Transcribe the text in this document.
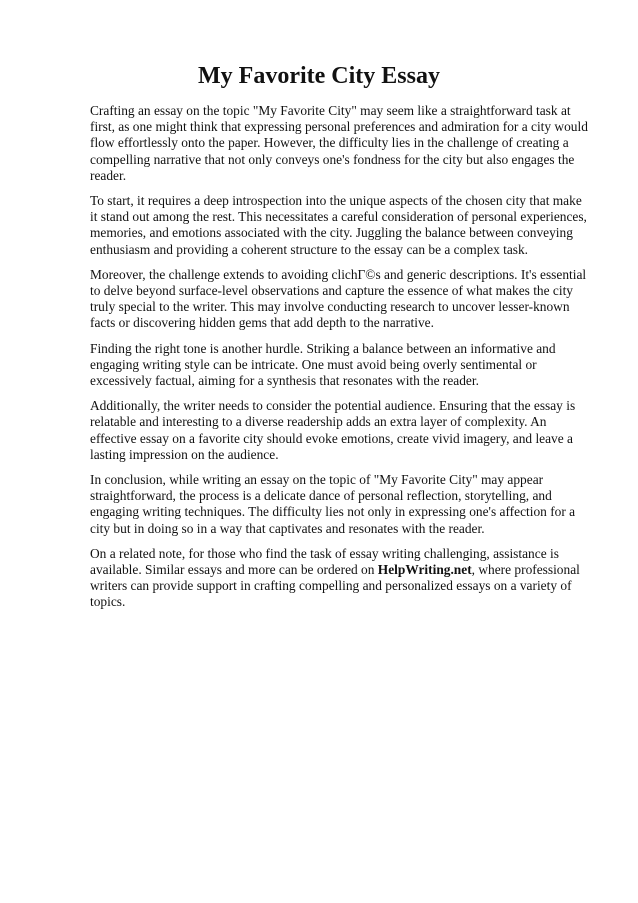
My Favorite City Essay

Crafting an essay on the topic "My Favorite City" may seem like a straightforward task at first, as one might think that expressing personal preferences and admiration for a city would flow effortlessly onto the paper. However, the difficulty lies in the challenge of creating a compelling narrative that not only conveys one's fondness for the city but also engages the reader.

To start, it requires a deep introspection into the unique aspects of the chosen city that make it stand out among the rest. This necessitates a careful consideration of personal experiences, memories, and emotions associated with the city. Juggling the balance between conveying enthusiasm and providing a coherent structure to the essay can be a complex task.

Moreover, the challenge extends to avoiding clichΓ©s and generic descriptions. It's essential to delve beyond surface-level observations and capture the essence of what makes the city truly special to the writer. This may involve conducting research to uncover lesser-known facts or discovering hidden gems that add depth to the narrative.

Finding the right tone is another hurdle. Striking a balance between an informative and engaging writing style can be intricate. One must avoid being overly sentimental or excessively factual, aiming for a synthesis that resonates with the reader.

Additionally, the writer needs to consider the potential audience. Ensuring that the essay is relatable and interesting to a diverse readership adds an extra layer of complexity. An effective essay on a favorite city should evoke emotions, create vivid imagery, and leave a lasting impression on the audience.

In conclusion, while writing an essay on the topic of "My Favorite City" may appear straightforward, the process is a delicate dance of personal reflection, storytelling, and engaging writing techniques. The difficulty lies not only in expressing one's affection for a city but in doing so in a way that captivates and resonates with the reader.

On a related note, for those who find the task of essay writing challenging, assistance is available. Similar essays and more can be ordered on HelpWriting.net, where professional writers can provide support in crafting compelling and personalized essays on a variety of topics.
